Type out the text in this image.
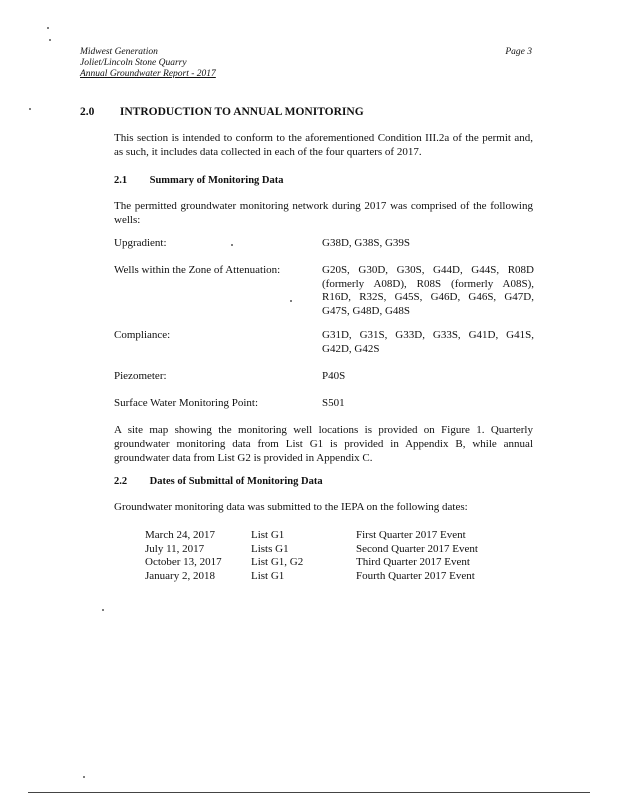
Midwest Generation
Joliet/Lincoln Stone Quarry
Annual Groundwater Report - 2017
Page 3
2.0 INTRODUCTION TO ANNUAL MONITORING
This section is intended to conform to the aforementioned Condition III.2a of the permit and, as such, it includes data collected in each of the four quarters of 2017.
2.1 Summary of Monitoring Data
The permitted groundwater monitoring network during 2017 was comprised of the following wells:
Upgradient:	G38D, G38S, G39S
Wells within the Zone of Attenuation:	G20S, G30D, G30S, G44D, G44S, R08D (formerly A08D), R08S (formerly A08S), R16D, R32S, G45S, G46D, G46S, G47D, G47S, G48D, G48S
Compliance:	G31D, G31S, G33D, G33S, G41D, G41S, G42D, G42S
Piezometer:	P40S
Surface Water Monitoring Point:	S501
A site map showing the monitoring well locations is provided on Figure 1. Quarterly groundwater monitoring data from List G1 is provided in Appendix B, while annual groundwater data from List G2 is provided in Appendix C.
2.2 Dates of Submittal of Monitoring Data
Groundwater monitoring data was submitted to the IEPA on the following dates:
March 24, 2017	List G1	First Quarter 2017 Event
July 11, 2017	Lists G1	Second Quarter 2017 Event
October 13, 2017	List G1, G2	Third Quarter 2017 Event
January 2, 2018	List G1	Fourth Quarter 2017 Event
